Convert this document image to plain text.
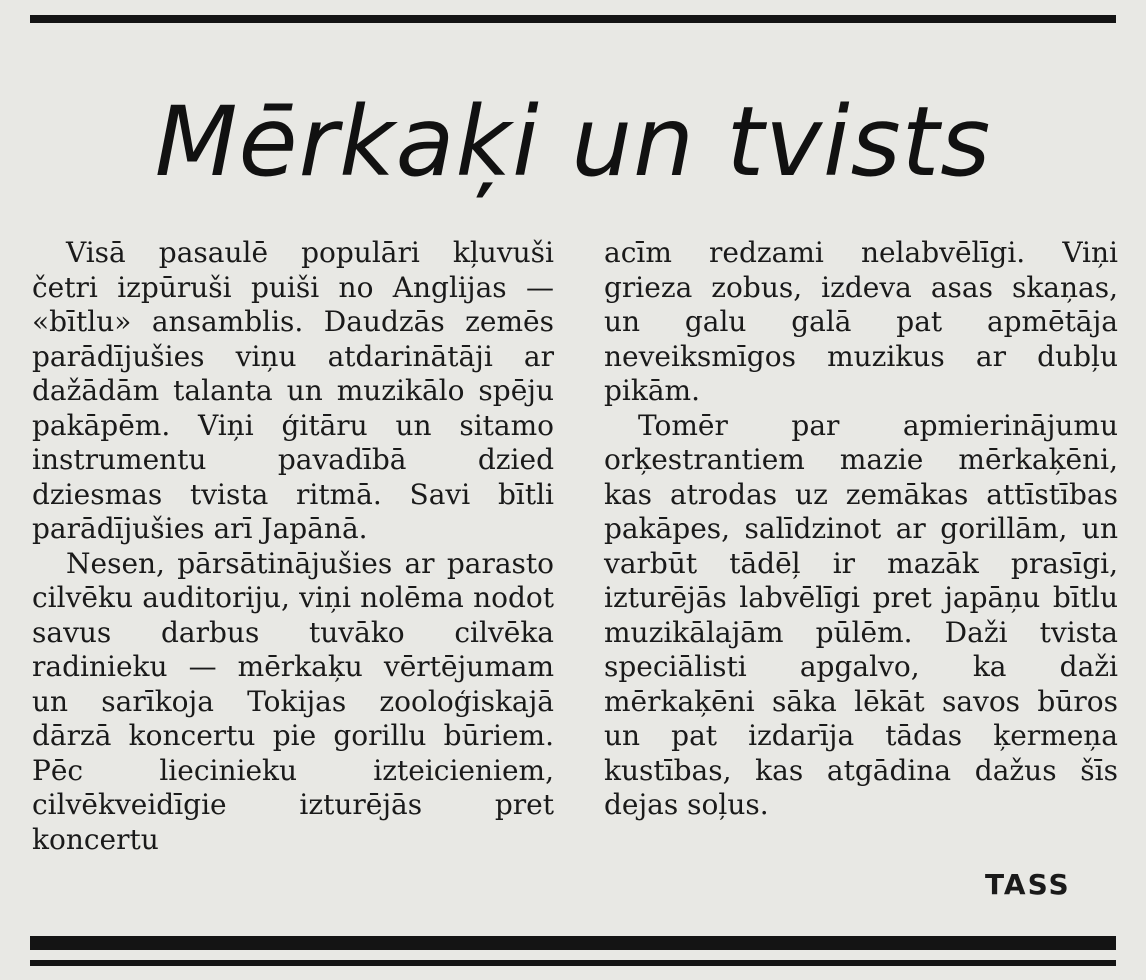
Mērkaķi un tvists

Visā pasaulē populāri kļuvuši četri izpūruši puiši no Anglijas — «bītlu» ansamblis. Daudzās zemēs parādījušies viņu atdarinātāji ar dažādām talanta un muzikālo spēju pakāpēm. Viņi ģitāru un sitamo instrumentu pavadībā dzied dziesmas tvista ritmā. Savi bītli parādījušies arī Japānā.

Nesen, pārsātinājušies ar parasto cilvēku auditoriju, viņi nolēma nodot savus darbus tuvāko cilvēka radinieku — mērkaķu vērtējumam un sarīkoja Tokijas zooloģiskajā dārzā koncertu pie gorillu būriem. Pēc liecinieku izteicieniem, cilvēkveidīgie izturējās pret koncertu

acīm redzami nelabvēlīgi. Viņi grieza zobus, izdeva asas skaņas, un galu galā pat apmētāja neveiksmīgos muzikus ar dubļu pikām.

Tomēr par apmierinājumu orķestrantiem mazie mērkaķēni, kas atrodas uz zemākas attīstības pakāpes, salīdzinot ar gorillām, un varbūt tādēļ ir mazāk prasīgi, izturējās labvēlīgi pret japāņu bītlu muzikālajām pūlēm. Daži tvista speciālisti apgalvo, ka daži mērkaķēni sāka lēkāt savos būros un pat izdarīja tādas ķermeņa kustības, kas atgādina dažus šīs dejas soļus.

TASS
